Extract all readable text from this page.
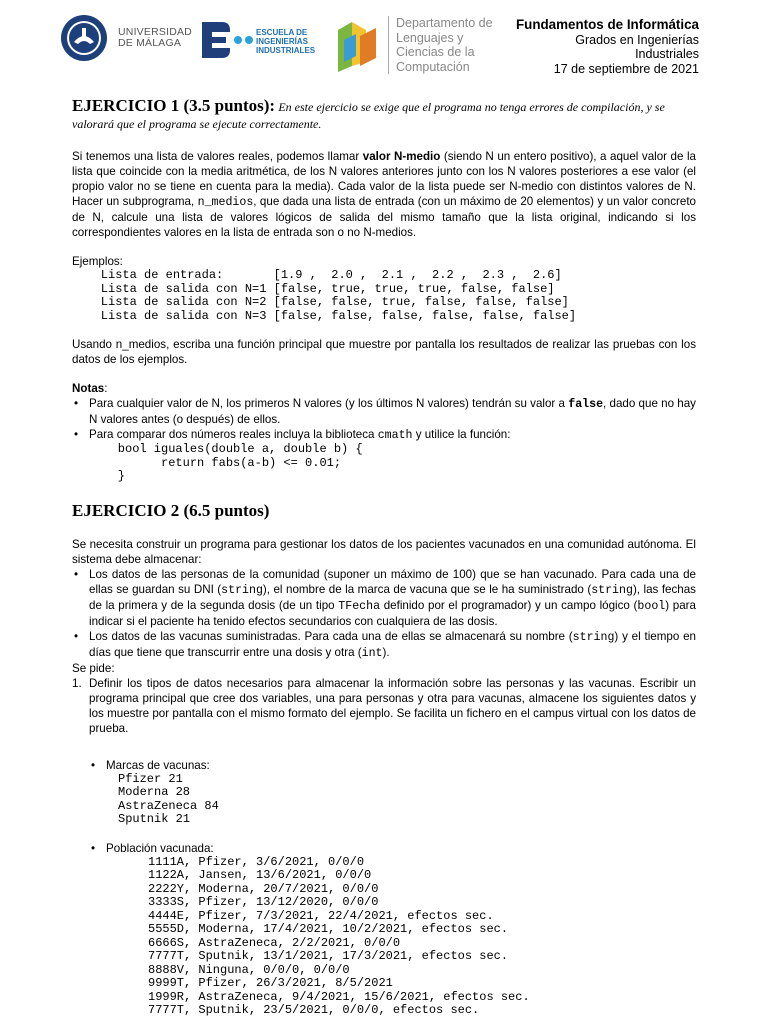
UNIVERSIDAD
DE MÁLAGA
ESCUELA DE
INGENIERÍAS
INDUSTRIALES
Departamento de
Lenguajes y
Ciencias de la
Computación
Fundamentos de Informática
Grados en Ingenierías
Industriales
17 de septiembre de 2021
EJERCICIO 1 (3.5 puntos): En este ejercicio se exige que el programa no tenga errores de compilación, y se valorará que el programa se ejecute correctamente.

Si tenemos una lista de valores reales, podemos llamar valor N-medio (siendo N un entero positivo), a aquel valor de la lista que coincide con la media aritmética, de los N valores anteriores junto con los N valores posteriores a ese valor (el propio valor no se tiene en cuenta para la media). Cada valor de la lista puede ser N-medio con distintos valores de N. Hacer un subprograma, n_medios, que dada una lista de entrada (con un máximo de 20 elementos) y un valor concreto de N, calcule una lista de valores lógicos de salida del mismo tamaño que la lista original, indicando si los correspondientes valores en la lista de entrada son o no N-medios.

Ejemplos:
Lista de entrada:       [1.9 ,  2.0 ,  2.1 ,  2.2 ,  2.3 ,  2.6]
Lista de salida con N=1 [false, true, true, true, false, false]
Lista de salida con N=2 [false, false, true, false, false, false]
Lista de salida con N=3 [false, false, false, false, false, false]

Usando n_medios, escriba una función principal que muestre por pantalla los resultados de realizar las pruebas con los datos de los ejemplos.

Notas:
• Para cualquier valor de N, los primeros N valores (y los últimos N valores) tendrán su valor a false, dado que no hay N valores antes (o después) de ellos.
• Para comparar dos números reales incluya la biblioteca cmath y utilice la función:
bool iguales(double a, double b) {
return fabs(a-b) <= 0.01;
}
EJERCICIO 2 (6.5 puntos)

Se necesita construir un programa para gestionar los datos de los pacientes vacunados en una comunidad autónoma. El sistema debe almacenar:

• Los datos de las personas de la comunidad (suponer un máximo de 100) que se han vacunado. Para cada una de ellas se guardan su DNI (string), el nombre de la marca de vacuna que se le ha suministrado (string), las fechas de la primera y de la segunda dosis (de un tipo TFecha definido por el programador) y un campo lógico (bool) para indicar si el paciente ha tenido efectos secundarios con cualquiera de las dosis.
• Los datos de las vacunas suministradas. Para cada una de ellas se almacenará su nombre (string) y el tiempo en días que tiene que transcurrir entre una dosis y otra (int).
Se pide:
1. Definir los tipos de datos necesarios para almacenar la información sobre las personas y las vacunas. Escribir un programa principal que cree dos variables, una para personas y otra para vacunas, almacene los siguientes datos y los muestre por pantalla con el mismo formato del ejemplo. Se facilita un fichero en el campus virtual con los datos de prueba.
• Marcas de vacunas:
Pfizer 21
Moderna 28
AstraZeneca 84
Sputnik 21
• Población vacunada:
1111A, Pfizer, 3/6/2021, 0/0/0
1122A, Jansen, 13/6/2021, 0/0/0
2222Y, Moderna, 20/7/2021, 0/0/0
3333S, Pfizer, 13/12/2020, 0/0/0
4444E, Pfizer, 7/3/2021, 22/4/2021, efectos sec.
5555D, Moderna, 17/4/2021, 10/2/2021, efectos sec.
6666S, AstraZeneca, 2/2/2021, 0/0/0
7777T, Sputnik, 13/1/2021, 17/3/2021, efectos sec.
8888V, Ninguna, 0/0/0, 0/0/0
9999T, Pfizer, 26/3/2021, 8/5/2021
1999R, AstraZeneca, 9/4/2021, 15/6/2021, efectos sec.
7777T, Sputnik, 23/5/2021, 0/0/0, efectos sec.
